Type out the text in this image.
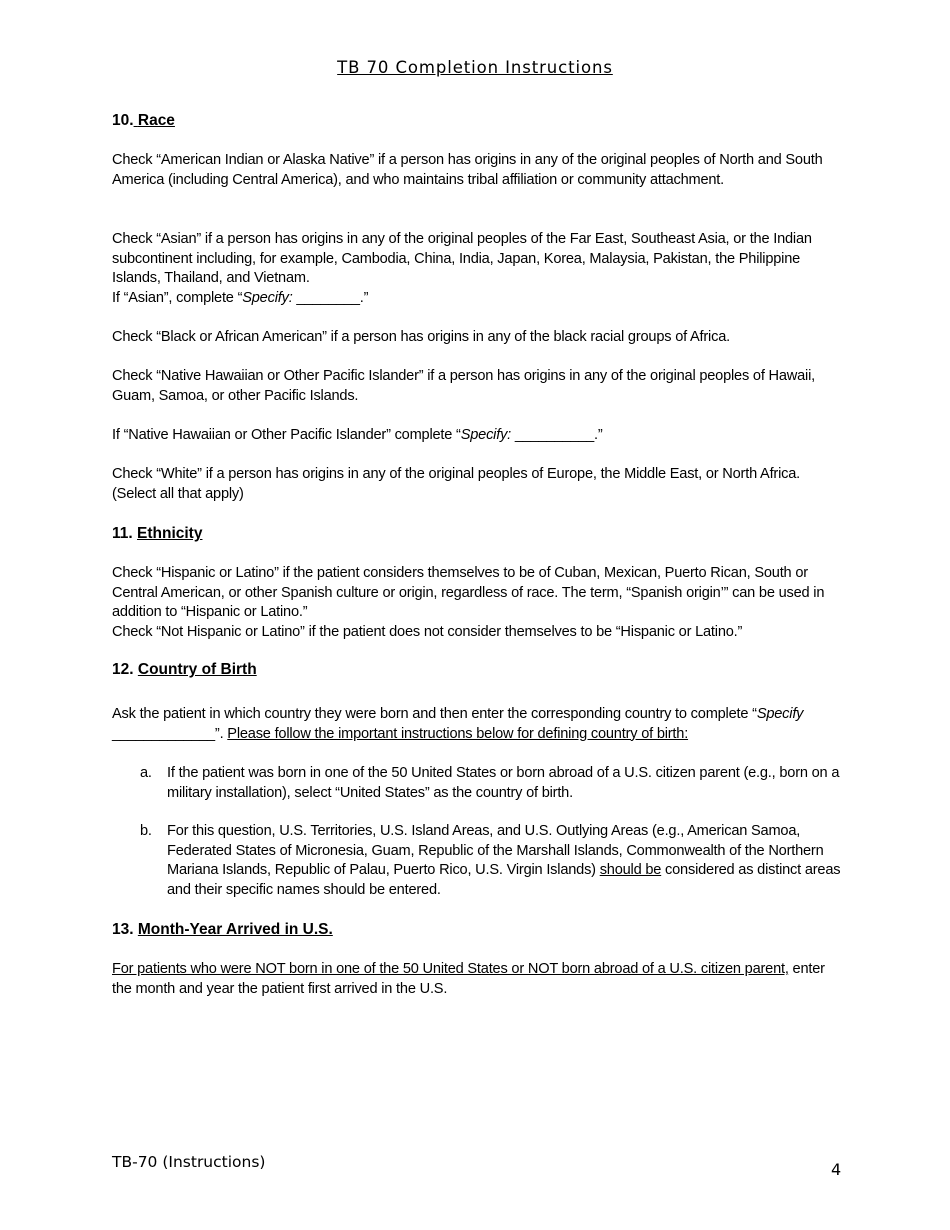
TB 70 Completion Instructions
10. Race

Check “American Indian or Alaska Native” if a person has origins in any of the original peoples of North and South America (including Central America), and who maintains tribal affiliation or community attachment.

Check “Asian” if a person has origins in any of the original peoples of the Far East, Southeast Asia, or the Indian subcontinent including, for example, Cambodia, China, India, Japan, Korea, Malaysia, Pakistan, the Philippine Islands, Thailand, and Vietnam.

If “Asian”, complete “Specify: ________.”

Check “Black or African American” if a person has origins in any of the black racial groups of Africa.

Check “Native Hawaiian or Other Pacific Islander” if a person has origins in any of the original peoples of Hawaii, Guam, Samoa, or other Pacific Islands.

If “Native Hawaiian or Other Pacific Islander” complete “Specify: __________.”

Check “White” if a person has origins in any of the original peoples of Europe, the Middle East, or North Africa. (Select all that apply)

11. Ethnicity

Check “Hispanic or Latino” if the patient considers themselves to be of Cuban, Mexican, Puerto Rican, South or Central American, or other Spanish culture or origin, regardless of race. The term, “Spanish origin’” can be used in addition to “Hispanic or Latino.”

Check “Not Hispanic or Latino” if the patient does not consider themselves to be “Hispanic or Latino.”

12. Country of Birth

Ask the patient in which country they were born and then enter the corresponding country to complete “Specify _____________”. Please follow the important instructions below for defining country of birth:

a. If the patient was born in one of the 50 United States or born abroad of a U.S. citizen parent (e.g., born on a military installation), select “United States” as the country of birth.
b. For this question, U.S. Territories, U.S. Island Areas, and U.S. Outlying Areas (e.g., American Samoa, Federated States of Micronesia, Guam, Republic of the Marshall Islands, Commonwealth of the Northern Mariana Islands, Republic of Palau, Puerto Rico, U.S. Virgin Islands) should be considered as distinct areas and their specific names should be entered.
13. Month-Year Arrived in U.S.

For patients who were NOT born in one of the 50 United States or NOT born abroad of a U.S. citizen parent, enter the month and year the patient first arrived in the U.S.

TB-70 (Instructions)	4
